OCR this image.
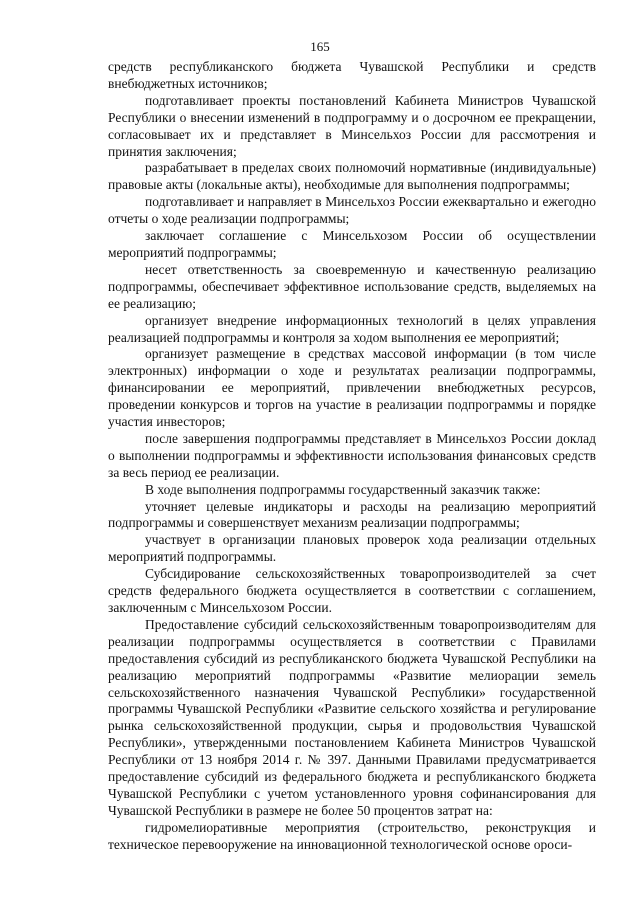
165

средств республиканского бюджета Чувашской Республики и средств внебюджетных источников;

подготавливает проекты постановлений Кабинета Министров Чувашской Республики о внесении изменений в подпрограмму и о досрочном ее прекращении, согласовывает их и представляет в Минсельхоз России для рассмотрения и принятия заключения;

разрабатывает в пределах своих полномочий нормативные (индивидуальные) правовые акты (локальные акты), необходимые для выполнения подпрограммы;

подготавливает и направляет в Минсельхоз России ежеквартально и ежегодно отчеты о ходе реализации подпрограммы;

заключает соглашение с Минсельхозом России об осуществлении мероприятий подпрограммы;

несет ответственность за своевременную и качественную реализацию подпрограммы, обеспечивает эффективное использование средств, выделяемых на ее реализацию;

организует внедрение информационных технологий в целях управления реализацией подпрограммы и контроля за ходом выполнения ее мероприятий;

организует размещение в средствах массовой информации (в том числе электронных) информации о ходе и результатах реализации подпрограммы, финансировании ее мероприятий, привлечении внебюджетных ресурсов, проведении конкурсов и торгов на участие в реализации подпрограммы и порядке участия инвесторов;

после завершения подпрограммы представляет в Минсельхоз России доклад о выполнении подпрограммы и эффективности использования финансовых средств за весь период ее реализации.

В ходе выполнения подпрограммы государственный заказчик также:

уточняет целевые индикаторы и расходы на реализацию мероприятий подпрограммы и совершенствует механизм реализации подпрограммы;

участвует в организации плановых проверок хода реализации отдельных мероприятий подпрограммы.

Субсидирование сельскохозяйственных товаропроизводителей за счет средств федерального бюджета осуществляется в соответствии с соглашением, заключенным с Минсельхозом России.

Предоставление субсидий сельскохозяйственным товаропроизводителям для реализации подпрограммы осуществляется в соответствии с Правилами предоставления субсидий из республиканского бюджета Чувашской Республики на реализацию мероприятий подпрограммы «Развитие мелиорации земель сельскохозяйственного назначения Чувашской Республики» государственной программы Чувашской Республики «Развитие сельского хозяйства и регулирование рынка сельскохозяйственной продукции, сырья и продовольствия Чувашской Республики», утвержденными постановлением Кабинета Министров Чувашской Республики от 13 ноября 2014 г. № 397. Данными Правилами предусматривается предоставление субсидий из федерального бюджета и республиканского бюджета Чувашской Республики с учетом установленного уровня софинансирования для Чувашской Республики в размере не более 50 процентов затрат на:

гидромелиоративные мероприятия (строительство, реконструкция и техническое перевооружение на инновационной технологической основе ороси-
